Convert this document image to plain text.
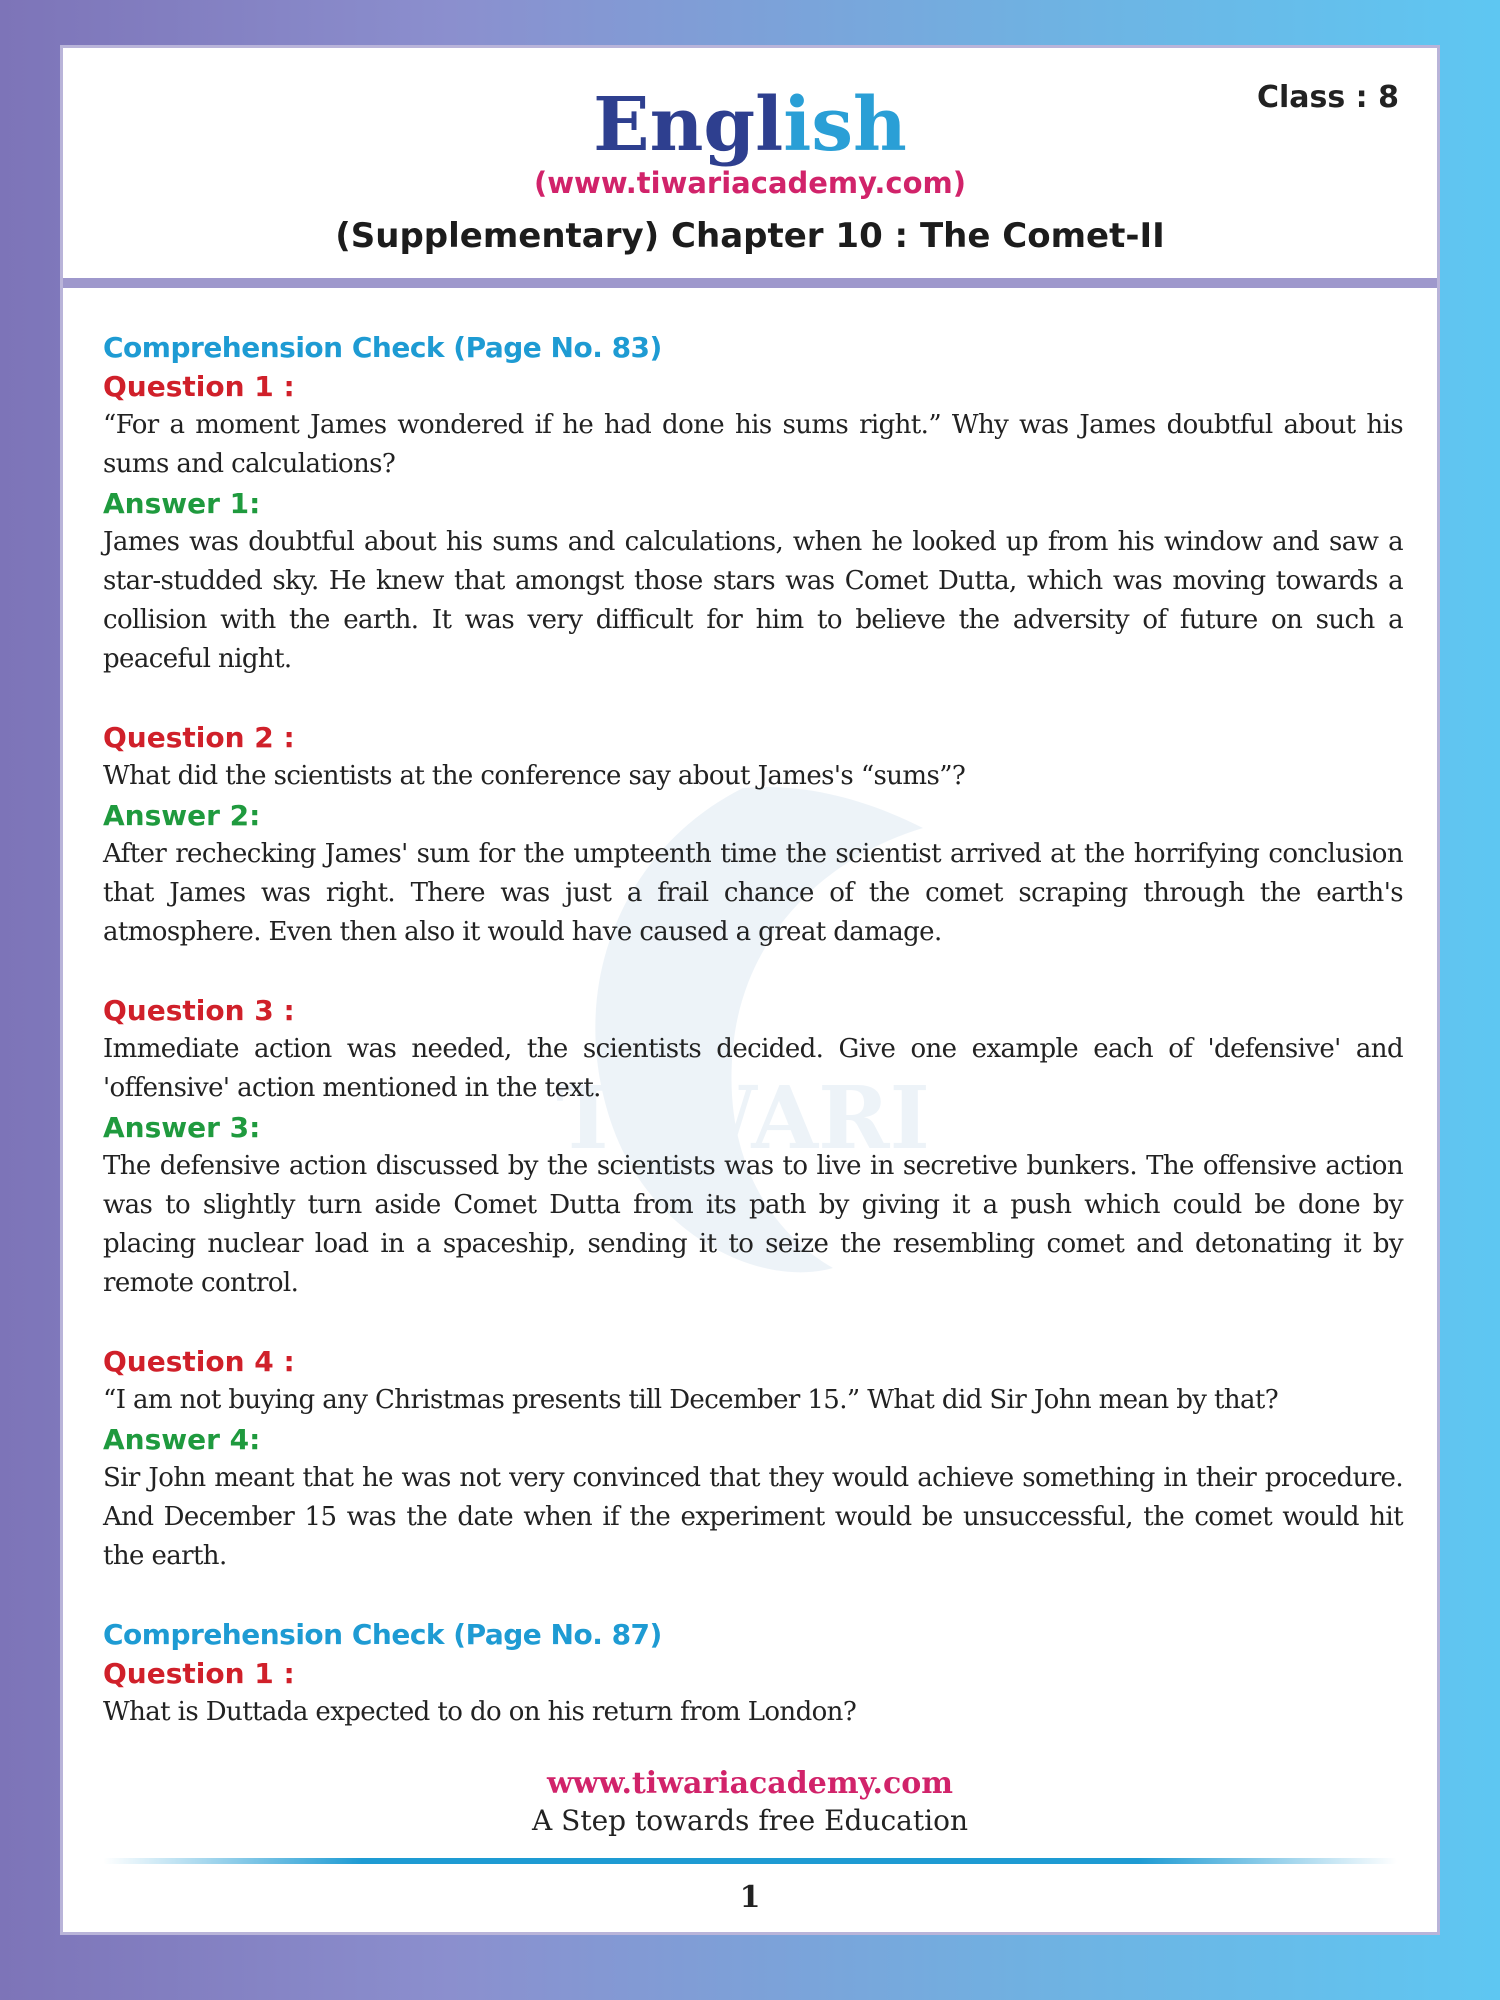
English	Class : 8
(www.tiwariacademy.com)
(Supplementary) Chapter 10 : The Comet-II
TIWARI
Comprehension Check (Page No. 83)
Question 1 :
“For a moment James wondered if he had done his sums right.” Why was James doubtful about his sums and calculations?
Answer 1:
James was doubtful about his sums and calculations, when he looked up from his window and saw a star-studded sky. He knew that amongst those stars was Comet Dutta, which was moving towards a collision with the earth. It was very difficult for him to believe the adversity of future on such a peaceful night.
Question 2 :
What did the scientists at the conference say about James's “sums”?
Answer 2:
After rechecking James' sum for the umpteenth time the scientist arrived at the horrifying conclusion that James was right. There was just a frail chance of the comet scraping through the earth's atmosphere. Even then also it would have caused a great damage.
Question 3 :
Immediate action was needed, the scientists decided. Give one example each of 'defensive' and 'offensive' action mentioned in the text.
Answer 3:
The defensive action discussed by the scientists was to live in secretive bunkers. The offensive action was to slightly turn aside Comet Dutta from its path by giving it a push which could be done by placing nuclear load in a spaceship, sending it to seize the resembling comet and detonating it by remote control.
Question 4 :
“I am not buying any Christmas presents till December 15.” What did Sir John mean by that?
Answer 4:
Sir John meant that he was not very convinced that they would achieve something in their procedure. And December 15 was the date when if the experiment would be unsuccessful, the comet would hit the earth.
Comprehension Check (Page No. 87)
Question 1 :
What is Duttada expected to do on his return from London?
www.tiwariacademy.com
A Step towards free Education
1
